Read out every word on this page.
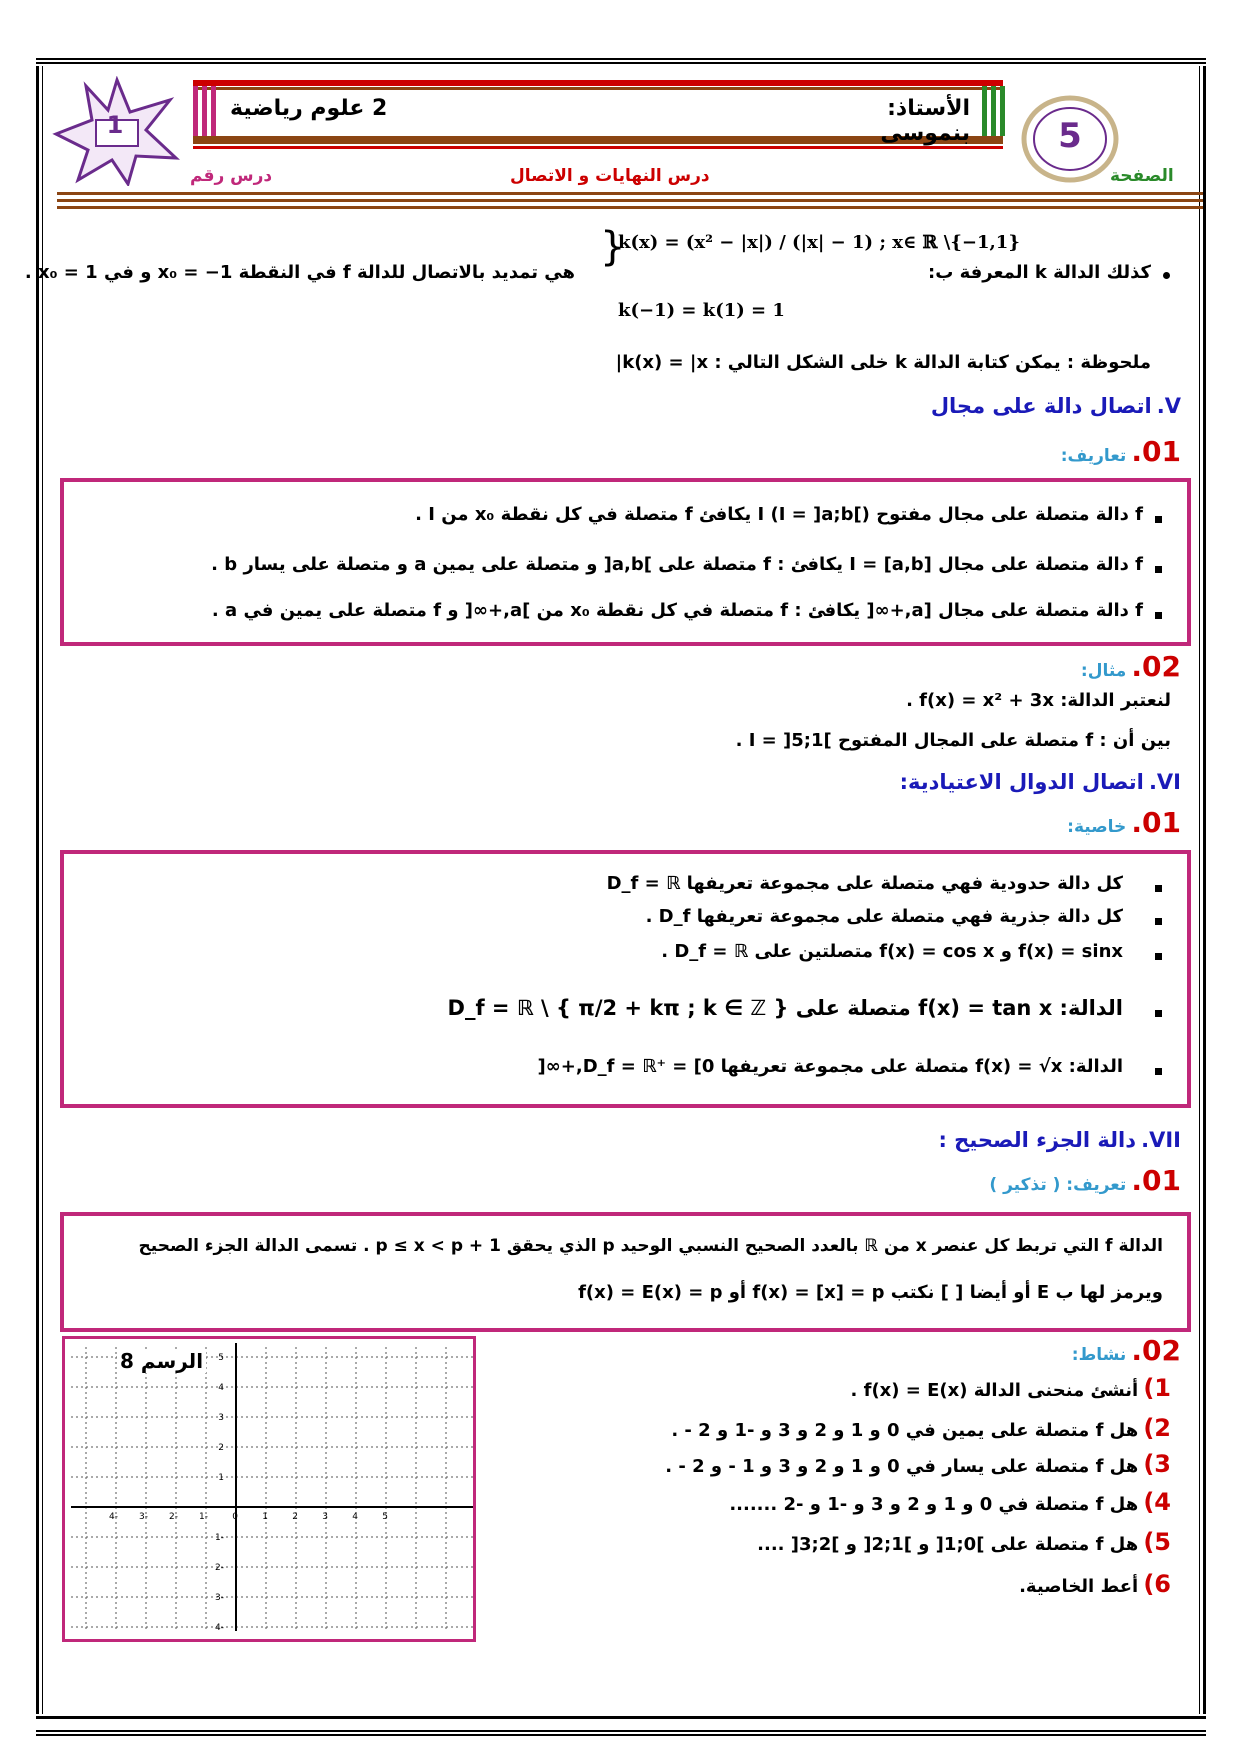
1	5
2 علوم رياضية	الأستاذ: بنموسى
درس رقم	درس النهايات و الاتصال	الصفحة
كذلك الدالة k المعرفة ب:
{
k(x) = (x² − |x|) / (|x| − 1) ; x∈ ℝ \{−1,1}
k(−1) = k(1) = 1
هي تمديد بالاتصال للدالة f في النقطة x₀ = −1 و في x₀ = 1 .
ملحوظة : يمكن كتابة الدالة k خلى الشكل التالي : k(x) = |x|
V. اتصال دالة على مجال
01. تعاريف:
f دالة متصلة على مجال مفتوح I (I = ]a;b[) يكافئ f متصلة في كل نقطة x₀ من I .
f دالة متصلة على مجال [a,b] = I يكافئ : f متصلة على ]a,b[ و متصلة على يمين a و متصلة على يسار b .
f دالة متصلة على مجال [a,+∞[ يكافئ : f متصلة في كل نقطة x₀ من ]a,+∞[ و f متصلة على يمين في a .
02. مثال:
لنعتبر الدالة: f(x) = x² + 3x .
بين أن : f متصلة على المجال المفتوح ]1;5[ = I .
VI. اتصال الدوال الاعتيادية:
01. خاصية:
كل دالة حدودية فهي متصلة على مجموعة تعريفها D_f = ℝ
كل دالة جذرية فهي متصلة على مجموعة تعريفها D_f .
f(x) = sinx و f(x) = cos x متصلتين على D_f = ℝ .
الدالة: f(x) = tan x متصلة على D_f = ℝ \ { π/2 + kπ ; k ∈ ℤ }
الدالة: f(x) = √x متصلة على مجموعة تعريفها D_f = ℝ⁺ = [0,+∞[
VII. دالة الجزء الصحيح :
01. تعريف: ( تذكير )
الدالة f التي تربط كل عنصر x من ℝ بالعدد الصحيح النسبي الوحيد p الذي يحقق p ≤ x < p + 1 . تسمى الدالة الجزء الصحيح
ويرمز لها ب E أو أيضا [ ] نكتب f(x) = [x] = p أو f(x) = E(x) = p
02. نشاط:
1) أنشئ منحنى الدالة f(x) = E(x) .
2) هل f متصلة على يمين في 0 و 1 و 2 و 3 و -1 و 2 - .
3) هل f متصلة على يسار في 0 و 1 و 2 و 3 و 1 - و 2 - .
4) هل f متصلة في 0 و 1 و 2 و 3 و -1 و -2 .......
5) هل f متصلة على ]0;1[ و ]1;2[ و ]2;3[ ....
6) أعط الخاصية.
-4 -3 -2 -1	0	1	2	3	4	5
5
4
3
2
1
-1
-2
-3
-4
الرسم 8
